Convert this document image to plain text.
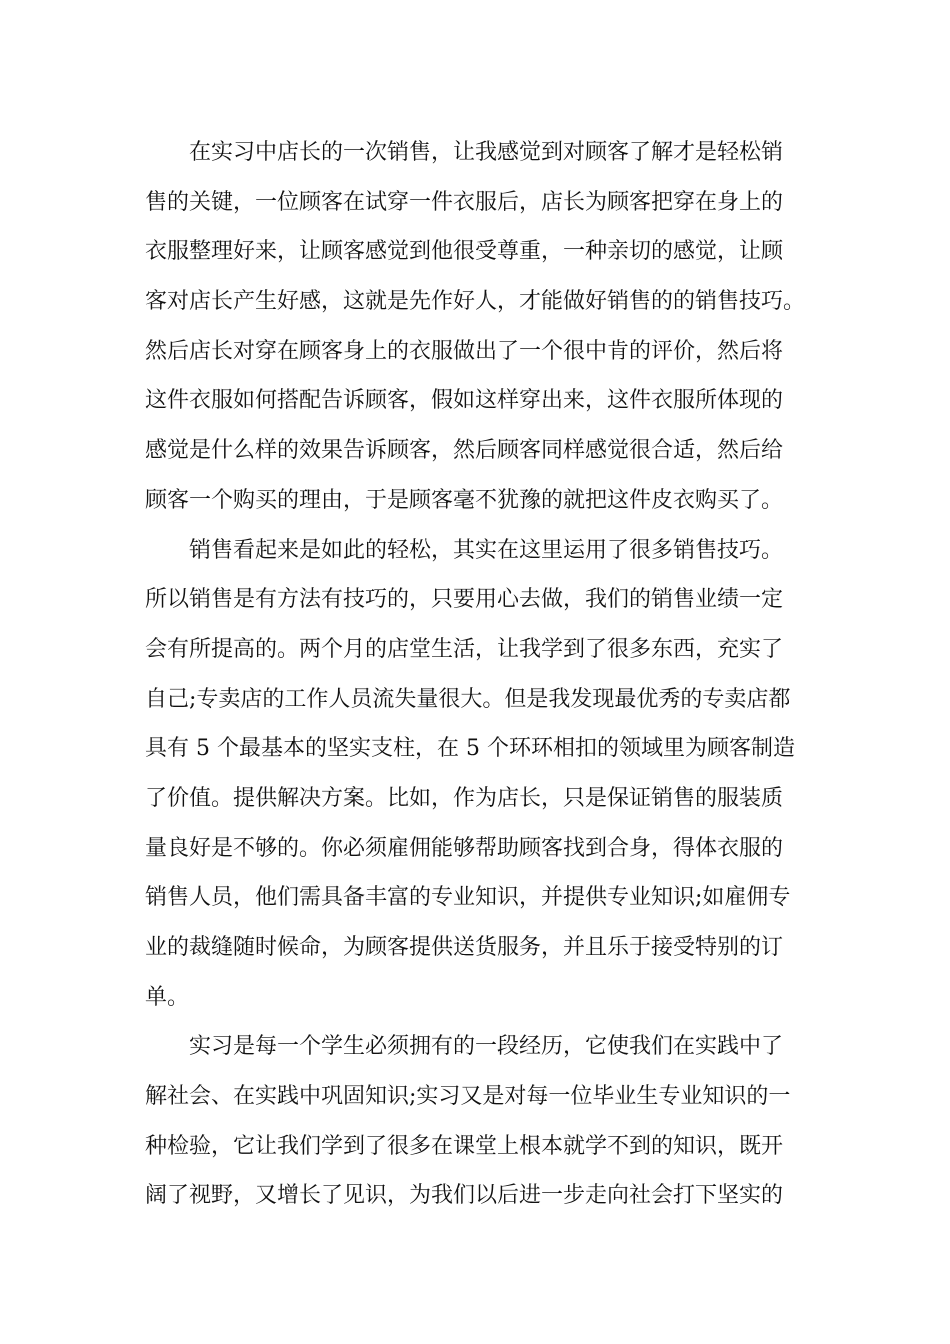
在实习中店长的一次销售，让我感觉到对顾客了解才是轻松销
售的关键，一位顾客在试穿一件衣服后，店长为顾客把穿在身上的
衣服整理好来，让顾客感觉到他很受尊重，一种亲切的感觉，让顾
客对店长产生好感，这就是先作好人，才能做好销售的的销售技巧。
然后店长对穿在顾客身上的衣服做出了一个很中肯的评价，然后将
这件衣服如何搭配告诉顾客，假如这样穿出来，这件衣服所体现的
感觉是什么样的效果告诉顾客，然后顾客同样感觉很合适，然后给
顾客一个购买的理由，于是顾客毫不犹豫的就把这件皮衣购买了。
销售看起来是如此的轻松，其实在这里运用了很多销售技巧。
所以销售是有方法有技巧的，只要用心去做，我们的销售业绩一定
会有所提高的。两个月的店堂生活，让我学到了很多东西，充实了
自己;专卖店的工作人员流失量很大。但是我发现最优秀的专卖店都
具有 5 个最基本的坚实支柱，在 5 个环环相扣的领域里为顾客制造
了价值。提供解决方案。比如，作为店长，只是保证销售的服装质
量良好是不够的。你必须雇佣能够帮助顾客找到合身，得体衣服的
销售人员，他们需具备丰富的专业知识，并提供专业知识;如雇佣专
业的裁缝随时候命，为顾客提供送货服务，并且乐于接受特别的订
单。
实习是每一个学生必须拥有的一段经历，它使我们在实践中了
解社会、在实践中巩固知识;实习又是对每一位毕业生专业知识的一
种检验，它让我们学到了很多在课堂上根本就学不到的知识，既开
阔了视野，又增长了见识，为我们以后进一步走向社会打下坚实的
